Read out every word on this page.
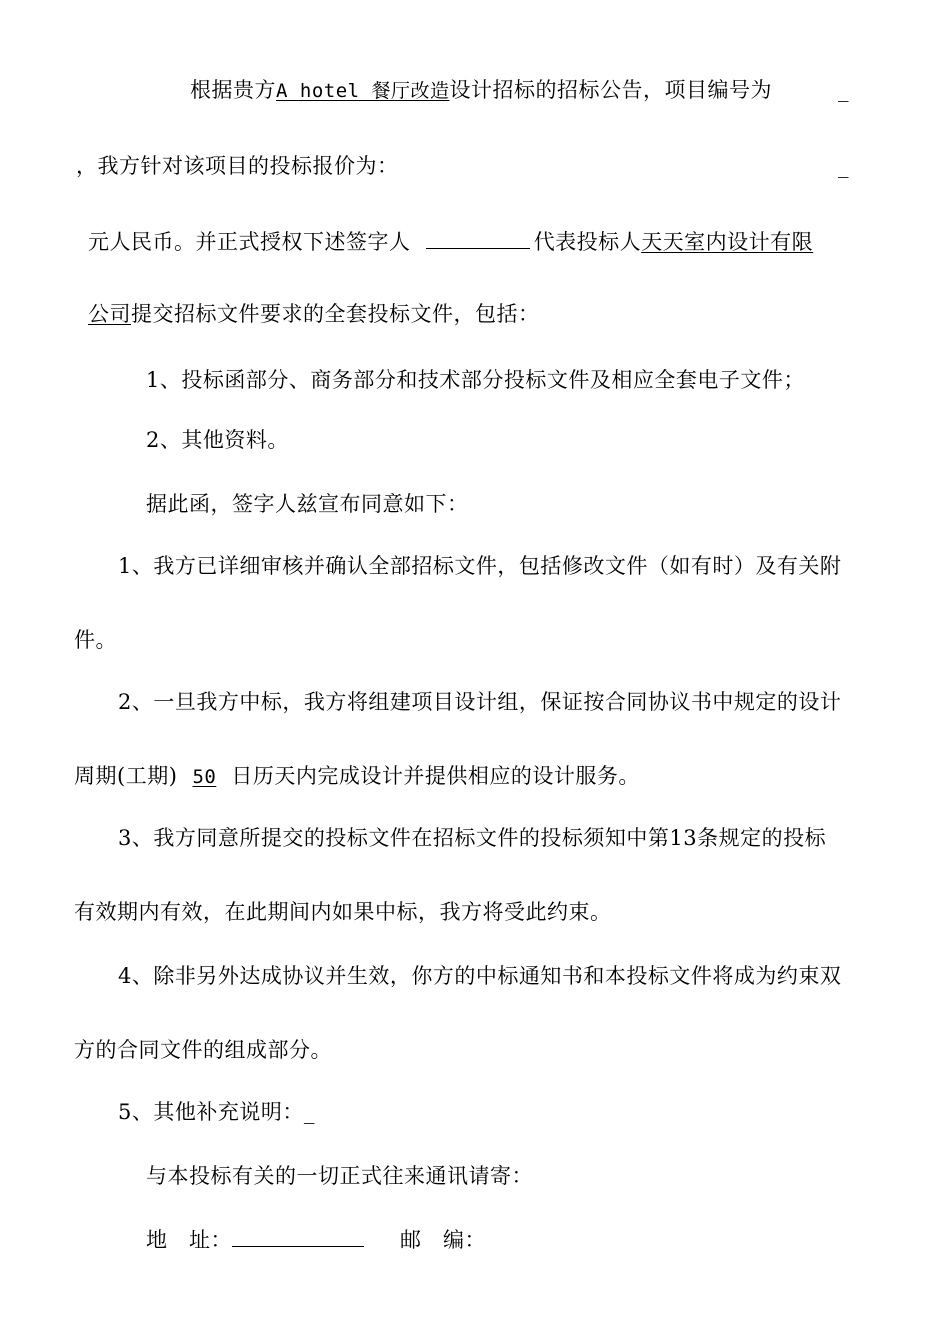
根据贵方A hotel 餐厅改造设计招标的招标公告，项目编号为	_
，我方针对该项目的投标报价为：	_
元人民币。并正式授权下述签字人	代表投标人天天室内设计有限
公司提交招标文件要求的全套投标文件，包括：
1、投标函部分、商务部分和技术部分投标文件及相应全套电子文件；
2、其他资料。
据此函，签字人兹宣布同意如下：
1、我方已详细审核并确认全部招标文件，包括修改文件（如有时）及有关附
件。
2、一旦我方中标，我方将组建项目设计组，保证按合同协议书中规定的设计
周期(工期) 50 日历天内完成设计并提供相应的设计服务。
3、我方同意所提交的投标文件在招标文件的投标须知中第13条规定的投标
有效期内有效，在此期间内如果中标，我方将受此约束。
4、除非另外达成协议并生效，你方的中标通知书和本投标文件将成为约束双
方的合同文件的组成部分。
5、其他补充说明：_
与本投标有关的一切正式往来通讯请寄：
地　址：	邮　编：
